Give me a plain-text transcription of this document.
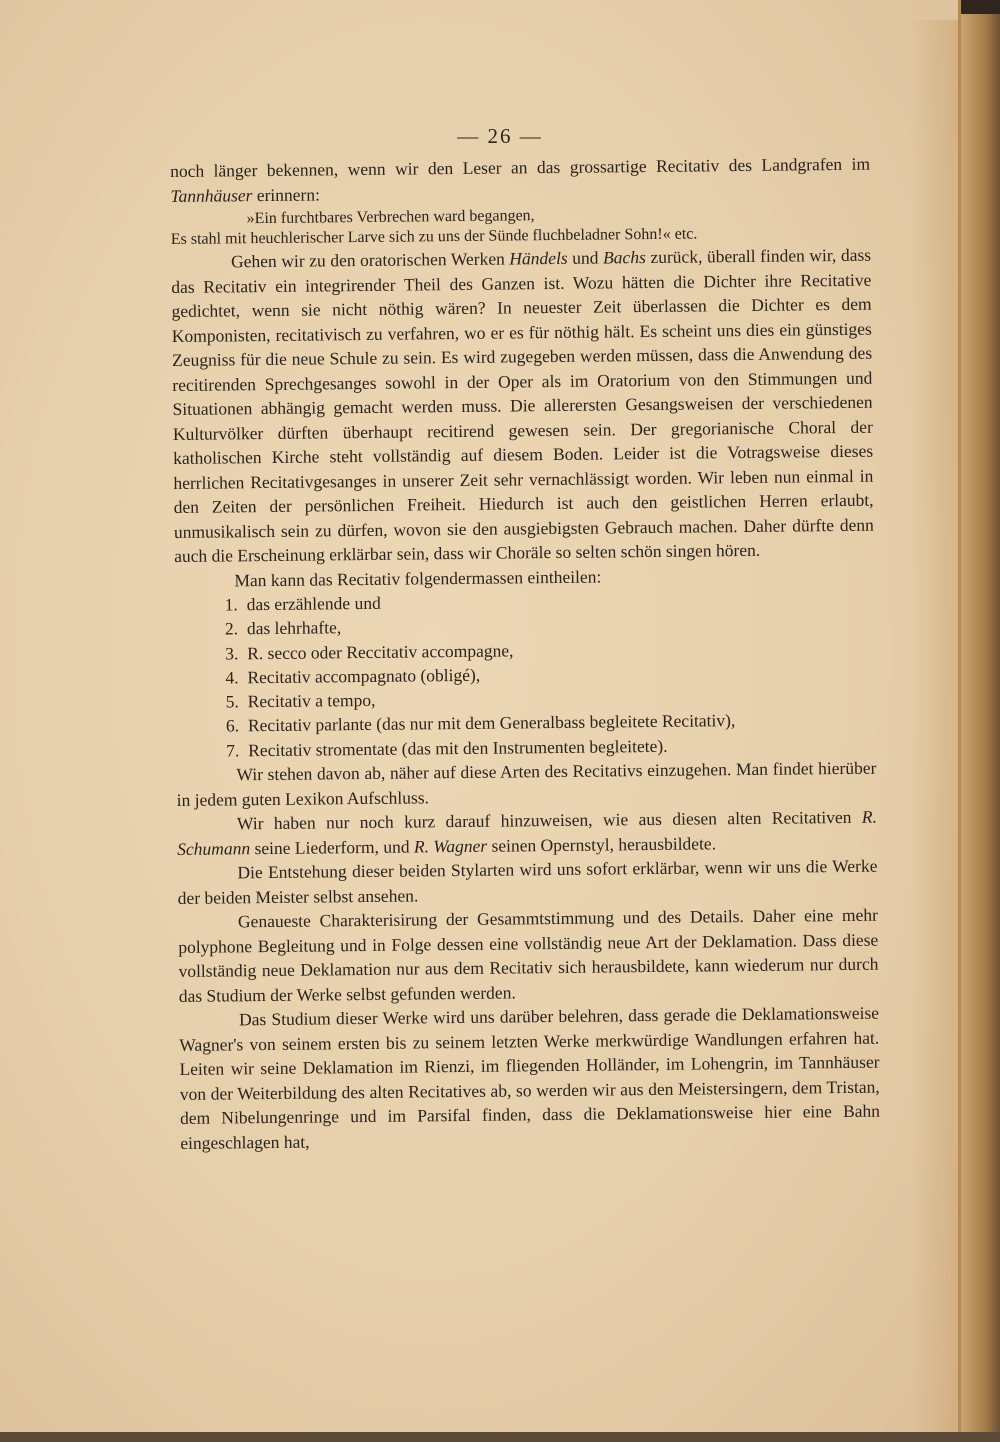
— 26 —

noch länger bekennen, wenn wir den Leser an das grossartige Recitativ des Landgrafen im Tannhäuser erinnern:

»Ein furchtbares Verbrechen ward begangen,
Es stahl mit heuchlerischer Larve sich zu uns der Sünde fluchbeladner Sohn!« etc.

Gehen wir zu den oratorischen Werken Händels und Bachs zurück, überall finden wir, dass das Recitativ ein integrirender Theil des Ganzen ist. Wozu hätten die Dichter ihre Recitative gedichtet, wenn sie nicht nöthig wären? In neuester Zeit überlassen die Dichter es dem Komponisten, recitativisch zu verfahren, wo er es für nöthig hält. Es scheint uns dies ein günstiges Zeugniss für die neue Schule zu sein. Es wird zugegeben werden müssen, dass die Anwendung des recitirenden Sprechgesanges sowohl in der Oper als im Oratorium von den Stimmungen und Situationen abhängig gemacht werden muss. Die allerersten Gesangsweisen der verschiedenen Kulturvölker dürften überhaupt recitirend gewesen sein. Der gregorianische Choral der katholischen Kirche steht vollständig auf diesem Boden. Leider ist die Votragsweise dieses herrlichen Recitativgesanges in unserer Zeit sehr vernachlässigt worden. Wir leben nun einmal in den Zeiten der persönlichen Freiheit. Hiedurch ist auch den geistlichen Herren erlaubt, unmusikalisch sein zu dürfen, wovon sie den ausgiebigsten Gebrauch machen. Daher dürfte denn auch die Erscheinung erklärbar sein, dass wir Choräle so selten schön singen hören.

Man kann das Recitativ folgendermassen eintheilen:

1. das erzählende und
2. das lehrhafte,
3. R. secco oder Reccitativ accompagne,
4. Recitativ accompagnato (obligé),
5. Recitativ a tempo,
6. Recitativ parlante (das nur mit dem Generalbass begleitete Recitativ),
7. Recitativ stromentate (das mit den Instrumenten begleitete).

Wir stehen davon ab, näher auf diese Arten des Recitativs einzugehen. Man findet hierüber in jedem guten Lexikon Aufschluss.

Wir haben nur noch kurz darauf hinzuweisen, wie aus diesen alten Recitativen R. Schumann seine Liederform, und R. Wagner seinen Opernstyl, herausbildete.

Die Entstehung dieser beiden Stylarten wird uns sofort erklärbar, wenn wir uns die Werke der beiden Meister selbst ansehen.

Genaueste Charakterisirung der Gesammtstimmung und des Details. Daher eine mehr polyphone Begleitung und in Folge dessen eine vollständig neue Art der Deklamation. Dass diese vollständig neue Deklamation nur aus dem Recitativ sich herausbildete, kann wiederum nur durch das Studium der Werke selbst gefunden werden.

Das Studium dieser Werke wird uns darüber belehren, dass gerade die Deklamationsweise Wagner's von seinem ersten bis zu seinem letzten Werke merkwürdige Wandlungen erfahren hat. Leiten wir seine Deklamation im Rienzi, im fliegenden Holländer, im Lohengrin, im Tannhäuser von der Weiterbildung des alten Recitatives ab, so werden wir aus den Meistersingern, dem Tristan, dem Nibelungenringe und im Parsifal finden, dass die Deklamationsweise hier eine Bahn eingeschlagen hat,
